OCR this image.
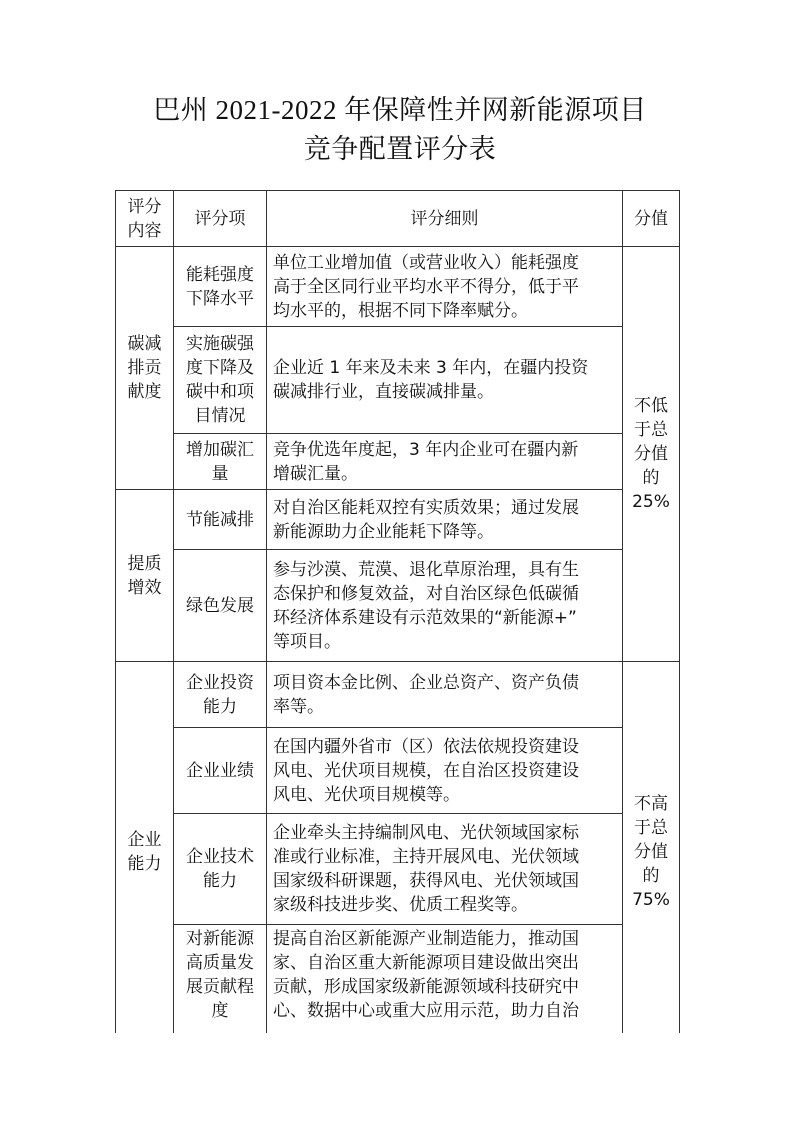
巴州 2021-2022 年保障性并网新能源项目
竞争配置评分表
评分
内容
评分项	评分细则	分值
碳减
排贡
献度
提质
增效
企业
能力
能耗强度
下降水平
单位工业增加值（或营业收入）能耗强度
高于全区同行业平均水平不得分，低于平
均水平的，根据不同下降率赋分。
实施碳强
度下降及
碳中和项
目情况
企业近 1 年来及未来 3 年内，在疆内投资
碳减排行业，直接碳减排量。
增加碳汇
量
竞争优选年度起，3 年内企业可在疆内新
增碳汇量。
节能减排
对自治区能耗双控有实质效果；通过发展
新能源助力企业能耗下降等。
绿色发展
参与沙漠、荒漠、退化草原治理，具有生
态保护和修复效益，对自治区绿色低碳循
环经济体系建设有示范效果的“新能源+”
等项目。
企业投资
能力
项目资本金比例、企业总资产、资产负债
率等。
企业业绩
在国内疆外省市（区）依法依规投资建设
风电、光伏项目规模，在自治区投资建设
风电、光伏项目规模等。
企业技术
能力
企业牵头主持编制风电、光伏领域国家标
准或行业标准，主持开展风电、光伏领域
国家级科研课题，获得风电、光伏领域国
家级科技进步奖、优质工程奖等。
对新能源
高质量发
展贡献程
度
提高自治区新能源产业制造能力，推动国
家、自治区重大新能源项目建设做出突出
贡献，形成国家级新能源领域科技研究中
心、数据中心或重大应用示范，助力自治
不低
于总
分值
的
25%
不高
于总
分值
的
75%
